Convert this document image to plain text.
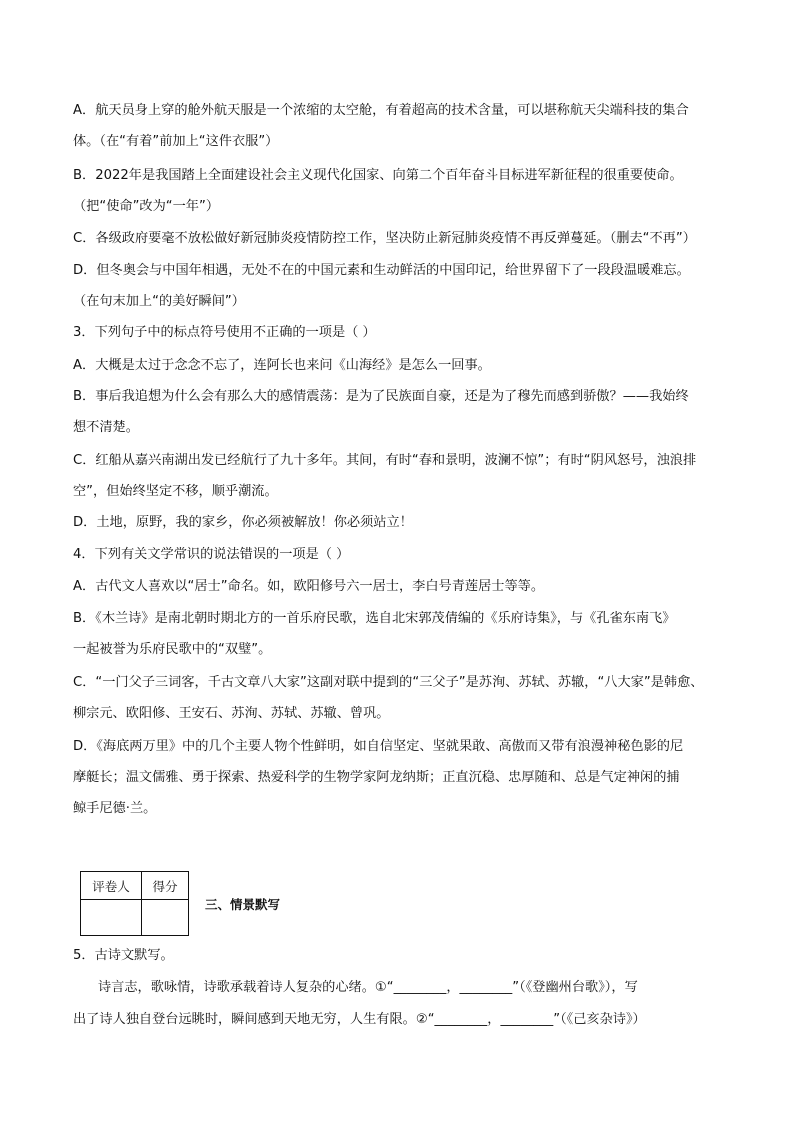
A．航天员身上穿的舱外航天服是一个浓缩的太空舱，有着超高的技术含量，可以堪称航天尖端科技的集合
体。（在“有着”前加上“这件衣服”）
B．2022年是我国踏上全面建设社会主义现代化国家、向第二个百年奋斗目标进军新征程的很重要使命。
（把“使命”改为“一年”）
C．各级政府要毫不放松做好新冠肺炎疫情防控工作，坚决防止新冠肺炎疫情不再反弹蔓延。（删去“不再”）
D．但冬奥会与中国年相遇，无处不在的中国元素和生动鲜活的中国印记，给世界留下了一段段温暖难忘。
（在句末加上“的美好瞬间”）
3．下列句子中的标点符号使用不正确的一项是（ ）
A．大概是太过于念念不忘了，连阿长也来问《山海经》是怎么一回事。
B．事后我追想为什么会有那么大的感情震荡：是为了民族面自豪，还是为了穆先而感到骄傲？——我始终
想不清楚。
C．红船从嘉兴南湖出发已经航行了九十多年。其间，有时“春和景明，波澜不惊”；有时“阴风怒号，浊浪排
空”，但始终坚定不移，顺乎潮流。
D．土地，原野，我的家乡，你必须被解放！你必须站立！
4．下列有关文学常识的说法错误的一项是（ ）
A．古代文人喜欢以“居士”命名。如，欧阳修号六一居士，李白号青莲居士等等。
B．《木兰诗》是南北朝时期北方的一首乐府民歌，选自北宋郭茂倩编的《乐府诗集》，与《孔雀东南飞》
一起被誉为乐府民歌中的“双璧”。
C．“一门父子三词客，千古文章八大家”这副对联中提到的“三父子”是苏洵、苏轼、苏辙，“八大家”是韩愈、
柳宗元、欧阳修、王安石、苏洵、苏轼、苏辙、曾巩。
D．《海底两万里》中的几个主要人物个性鲜明，如自信坚定、坚就果敢、高傲而又带有浪漫神秘色影的尼
摩艇长；温文儒雅、勇于探索、热爱科学的生物学家阿龙纳斯；正直沉稳、忠厚随和、总是气定神闲的捕
鲸手尼德·兰。
评卷人	得分

三、情景默写
5．古诗文默写。
诗言志，歌咏情，诗歌承载着诗人复杂的心绪。①“________，________”（《登幽州台歌》），写
出了诗人独自登台远眺时，瞬间感到天地无穷，人生有限。②“________，________”（《己亥杂诗》）
